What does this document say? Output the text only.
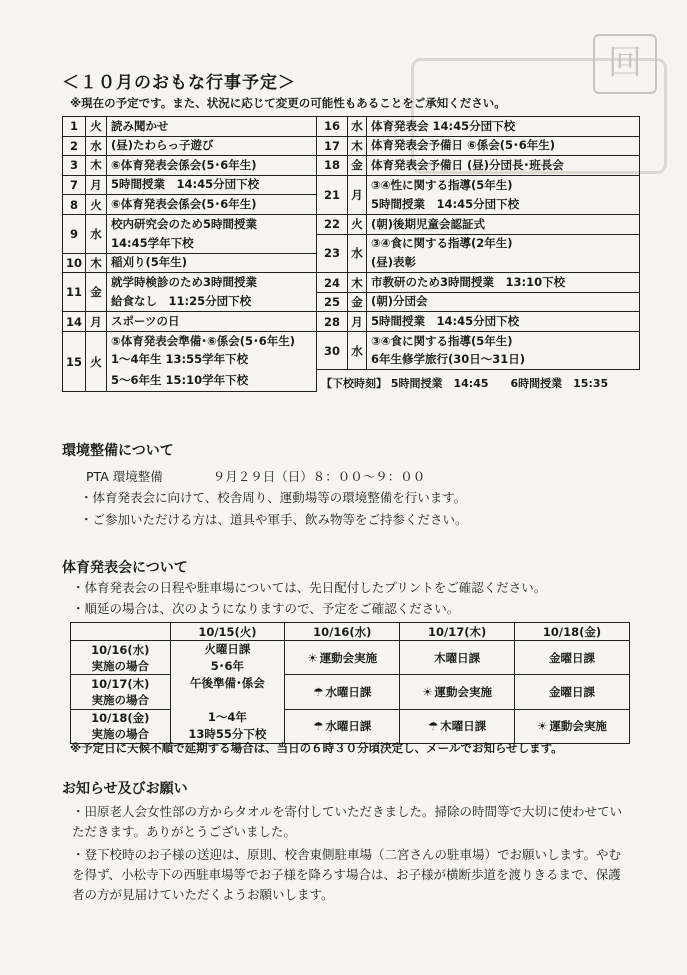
回
＜１０月のおもな行事予定＞
※現在の予定です。また、状況に応じて変更の可能性もあることをご承知ください。
1	火	読み聞かせ	16	水	体育発表会 14:45分団下校
2	水	(昼)たわらっ子遊び	17	木	体育発表会予備日 ⑥係会(5･6年生)
3	木	⑥体育発表会係会(5･6年生)	18	金	体育発表会予備日 (昼)分団長･班長会
7	月	5時間授業　14:45分団下校	21	月	③④性に関する指導(5年生)
8	火	⑥体育発表会係会(5･6年生)			5時間授業　14:45分団下校
9	水	校内研究会のため5時間授業	22	火	(朝)後期児童会認証式
		14:45学年下校	23	水	③④食に関する指導(2年生)
10	木	稲刈り(5年生)			(昼)表彰
11	金	就学時検診のため3時間授業	24	木	市教研のため3時間授業　13:10下校
		給食なし　11:25分団下校	25	金	(朝)分団会
14	月	スポーツの日	28	月	5時間授業　14:45分団下校
15	火	⑤体育発表会準備･⑥係会(5･6年生)	30	水	③④食に関する指導(5年生)
		1～4年生 13:55学年下校			6年生修学旅行(30日～31日)
		5～6年生 15:10学年下校	【下校時刻】 5時間授業　14:45　　6時間授業　15:35		
環境整備について
PTA 環境整備　　　　９月２９日（日）８：００～９：００
・体育発表会に向けて、校舎周り、運動場等の環境整備を行います。
・ご参加いただける方は、道具や軍手、飲み物等をご持参ください。
体育発表会について
・体育発表会の日程や駐車場については、先日配付したプリントをご確認ください。
・順延の場合は、次のようになりますので、予定をご確認ください。
	10/15(火)	10/16(水)	10/17(木)	10/18(金)

10/16(水)
実施の場合	火曜日課
5･6年
午後準備･係会

1～4年
13時55分下校	☀ 運動会実施	木曜日課	金曜日課

10/17(木)
実施の場合		☂ 水曜日課	☀ 運動会実施	金曜日課

10/18(金)
実施の場合		☂ 水曜日課	☂ 木曜日課	☀ 運動会実施
※予定日に天候不順で延期する場合は、当日の６時３０分頃決定し、メールでお知らせします。
お知らせ及びお願い
・田原老人会女性部の方からタオルを寄付していただきました。掃除の時間等で大切に使わせていただきます。ありがとうございました。
・登下校時のお子様の送迎は、原則、校舎東側駐車場（二宮さんの駐車場）でお願いします。やむを得ず、小松寺下の西駐車場等でお子様を降ろす場合は、お子様が横断歩道を渡りきるまで、保護者の方が見届けていただくようお願いします。
